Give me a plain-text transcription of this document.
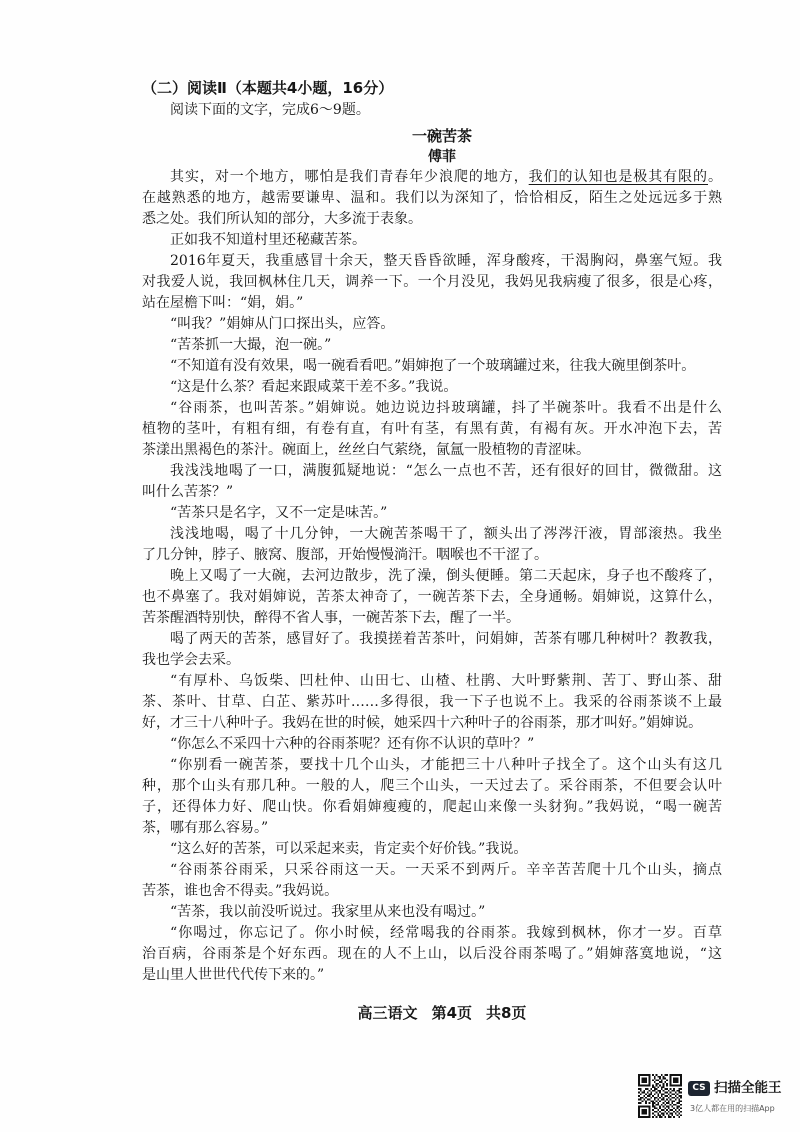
（二）阅读Ⅱ（本题共4小题，16分）
阅读下面的文字，完成6～9题。
一碗苦茶
傅菲
其实，对一个地方，哪怕是我们青春年少浪爬的地方，我们的认知也是极其有限的。
在越熟悉的地方，越需要谦卑、温和。我们以为深知了，恰恰相反，陌生之处远远多于熟
悉之处。我们所认知的部分，大多流于表象。
正如我不知道村里还秘藏苦茶。
2016年夏天，我重感冒十余天，整天昏昏欲睡，浑身酸疼，干渴胸闷，鼻塞气短。我
对我爱人说，我回枫林住几天，调养一下。一个月没见，我妈见我病瘦了很多，很是心疼，
站在屋檐下叫：“娟，娟。”
“叫我？”娟婶从门口探出头，应答。
“苦茶抓一大撮，泡一碗。”
“不知道有没有效果，喝一碗看看吧。”娟婶抱了一个玻璃罐过来，往我大碗里倒茶叶。
“这是什么茶？看起来跟咸菜干差不多。”我说。
“谷雨茶，也叫苦茶。”娟婶说。她边说边抖玻璃罐，抖了半碗茶叶。我看不出是什么
植物的茎叶，有粗有细，有卷有直，有叶有茎，有黑有黄，有褐有灰。开水冲泡下去，苦
茶漾出黑褐色的茶汁。碗面上，丝丝白气萦绕，氤氲一股植物的青涩味。
我浅浅地喝了一口，满腹狐疑地说：“怎么一点也不苦，还有很好的回甘，微微甜。这
叫什么苦茶？”
“苦茶只是名字，又不一定是味苦。”
浅浅地喝，喝了十几分钟，一大碗苦茶喝干了，额头出了涔涔汗液，胃部滚热。我坐
了几分钟，脖子、腋窝、腹部，开始慢慢淌汗。咽喉也不干涩了。
晚上又喝了一大碗，去河边散步，洗了澡，倒头便睡。第二天起床，身子也不酸疼了，
也不鼻塞了。我对娟婶说，苦茶太神奇了，一碗苦茶下去，全身通畅。娟婶说，这算什么，
苦茶醒酒特别快，醉得不省人事，一碗苦茶下去，醒了一半。
喝了两天的苦茶，感冒好了。我摸搓着苦茶叶，问娟婶，苦茶有哪几种树叶？教教我，
我也学会去采。
“有厚朴、乌饭柴、凹杜仲、山田七、山楂、杜鹃、大叶野紫荆、苦丁、野山茶、甜
茶、茶叶、甘草、白芷、紫苏叶……多得很，我一下子也说不上。我采的谷雨茶谈不上最
好，才三十八种叶子。我妈在世的时候，她采四十六种叶子的谷雨茶，那才叫好。”娟婶说。
“你怎么不采四十六种的谷雨茶呢？还有你不认识的草叶？”
“你别看一碗苦茶，要找十几个山头，才能把三十八种叶子找全了。这个山头有这几
种，那个山头有那几种。一般的人，爬三个山头，一天过去了。采谷雨茶，不但要会认叶
子，还得体力好、爬山快。你看娟婶瘦瘦的，爬起山来像一头豺狗。”我妈说，“喝一碗苦
茶，哪有那么容易。”
“这么好的苦茶，可以采起来卖，肯定卖个好价钱。”我说。
“谷雨茶谷雨采，只采谷雨这一天。一天采不到两斤。辛辛苦苦爬十几个山头，摘点
苦茶，谁也舍不得卖。”我妈说。
“苦茶，我以前没听说过。我家里从来也没有喝过。”
“你喝过，你忘记了。你小时候，经常喝我的谷雨茶。我嫁到枫林，你才一岁。百草
治百病，谷雨茶是个好东西。现在的人不上山，以后没谷雨茶喝了。”娟婶落寞地说，“这
是山里人世世代代传下来的。”
高三语文 第4页 共8页
CS 扫描全能王
3亿人都在用的扫描App
